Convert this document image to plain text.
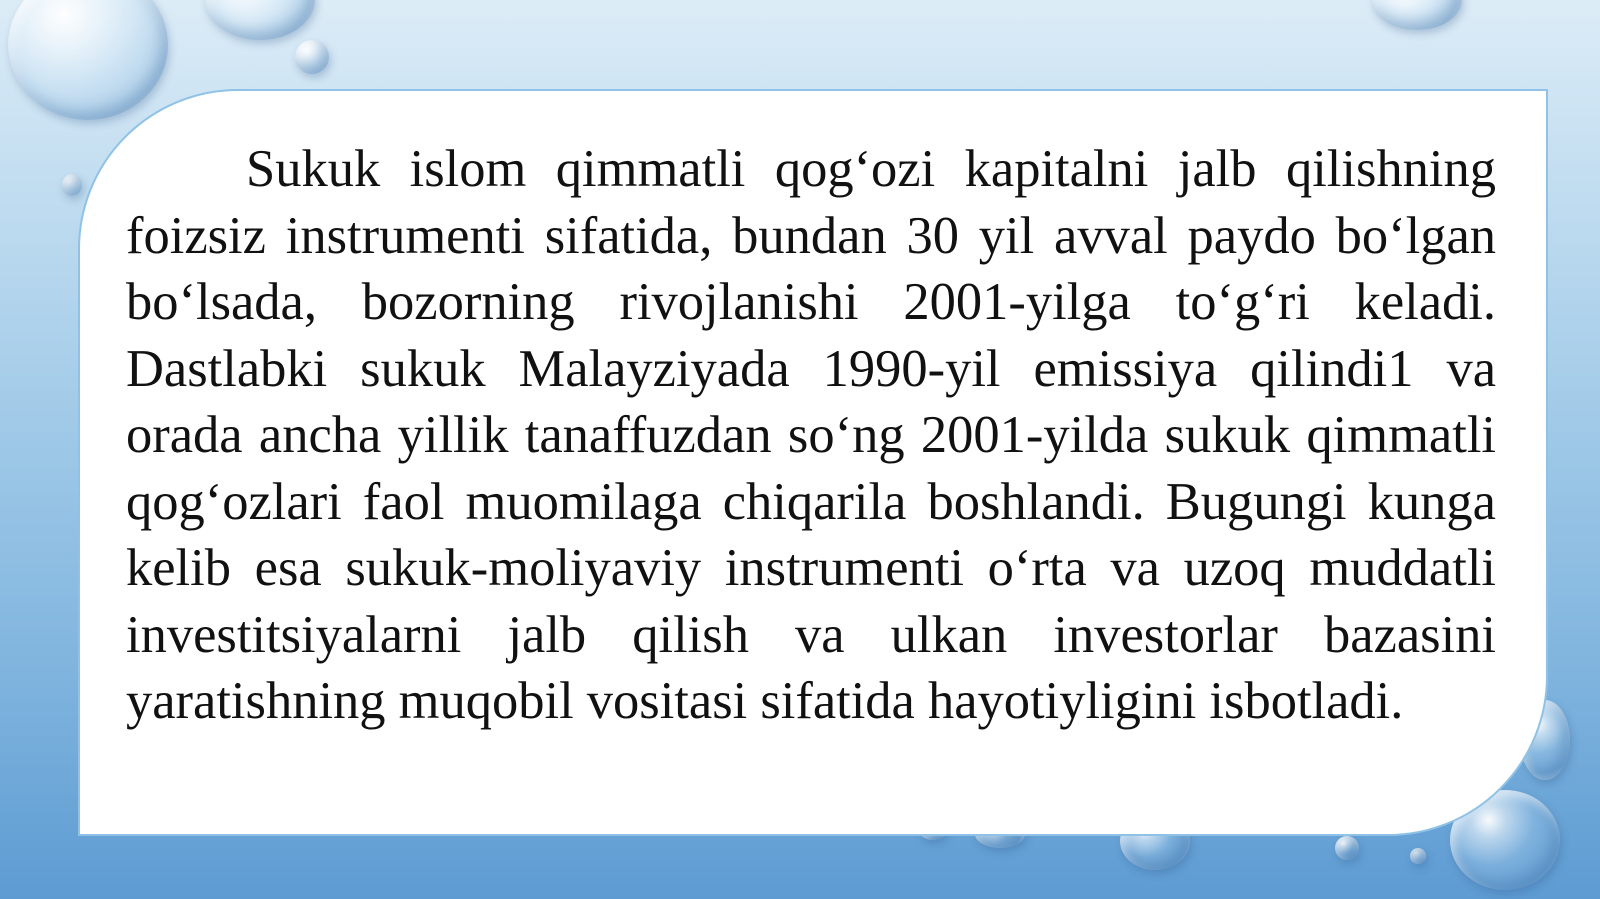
Sukuk islom qimmatli qog‘ozi kapitalni jalb qilishning foizsiz instrumenti sifatida, bundan 30 yil avval paydo bo‘lgan bo‘lsada, bozorning rivojlanishi 2001-yilga to‘g‘ri keladi. Dastlabki sukuk Malayziyada 1990-yil emissiya qilindi1 va orada ancha yillik tanaffuzdan so‘ng 2001-yilda sukuk qimmatli qog‘ozlari faol muomilaga chiqarila boshlandi. Bugungi kunga kelib esa sukuk-moliyaviy instrumenti o‘rta va uzoq muddatli investitsiyalarni jalb qilish va ulkan investorlar bazasini yaratishning muqobil vositasi sifatida hayotiyligini isbotladi.
